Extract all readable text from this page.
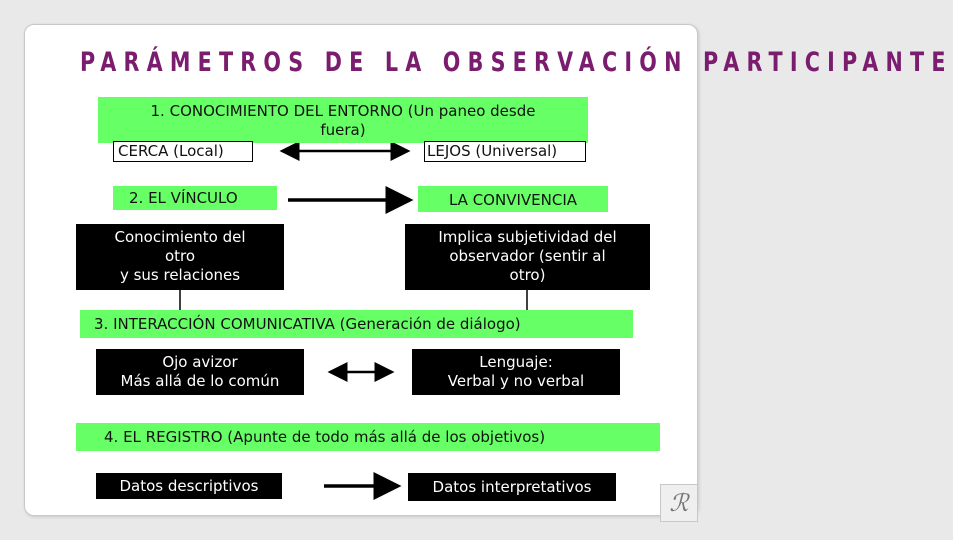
PARÁMETROS DE LA OBSERVACIÓN PARTICIPANTE
1. CONOCIMIENTO DEL ENTORNO (Un paneo desde
fuera)
CERCA (Local)	LEJOS (Universal)
2. EL VÍNCULO	LA CONVIVENCIA
Conocimiento del
otro
y sus relaciones
Implica subjetividad del
observador (sentir al
otro)
3. INTERACCIÓN COMUNICATIVA (Generación de diálogo)
Ojo avizor
Más allá de lo común
Lenguaje:
Verbal y no verbal
4. EL REGISTRO (Apunte de todo más allá de los objetivos)
Datos descriptivos	Datos interpretativos
ℛ
